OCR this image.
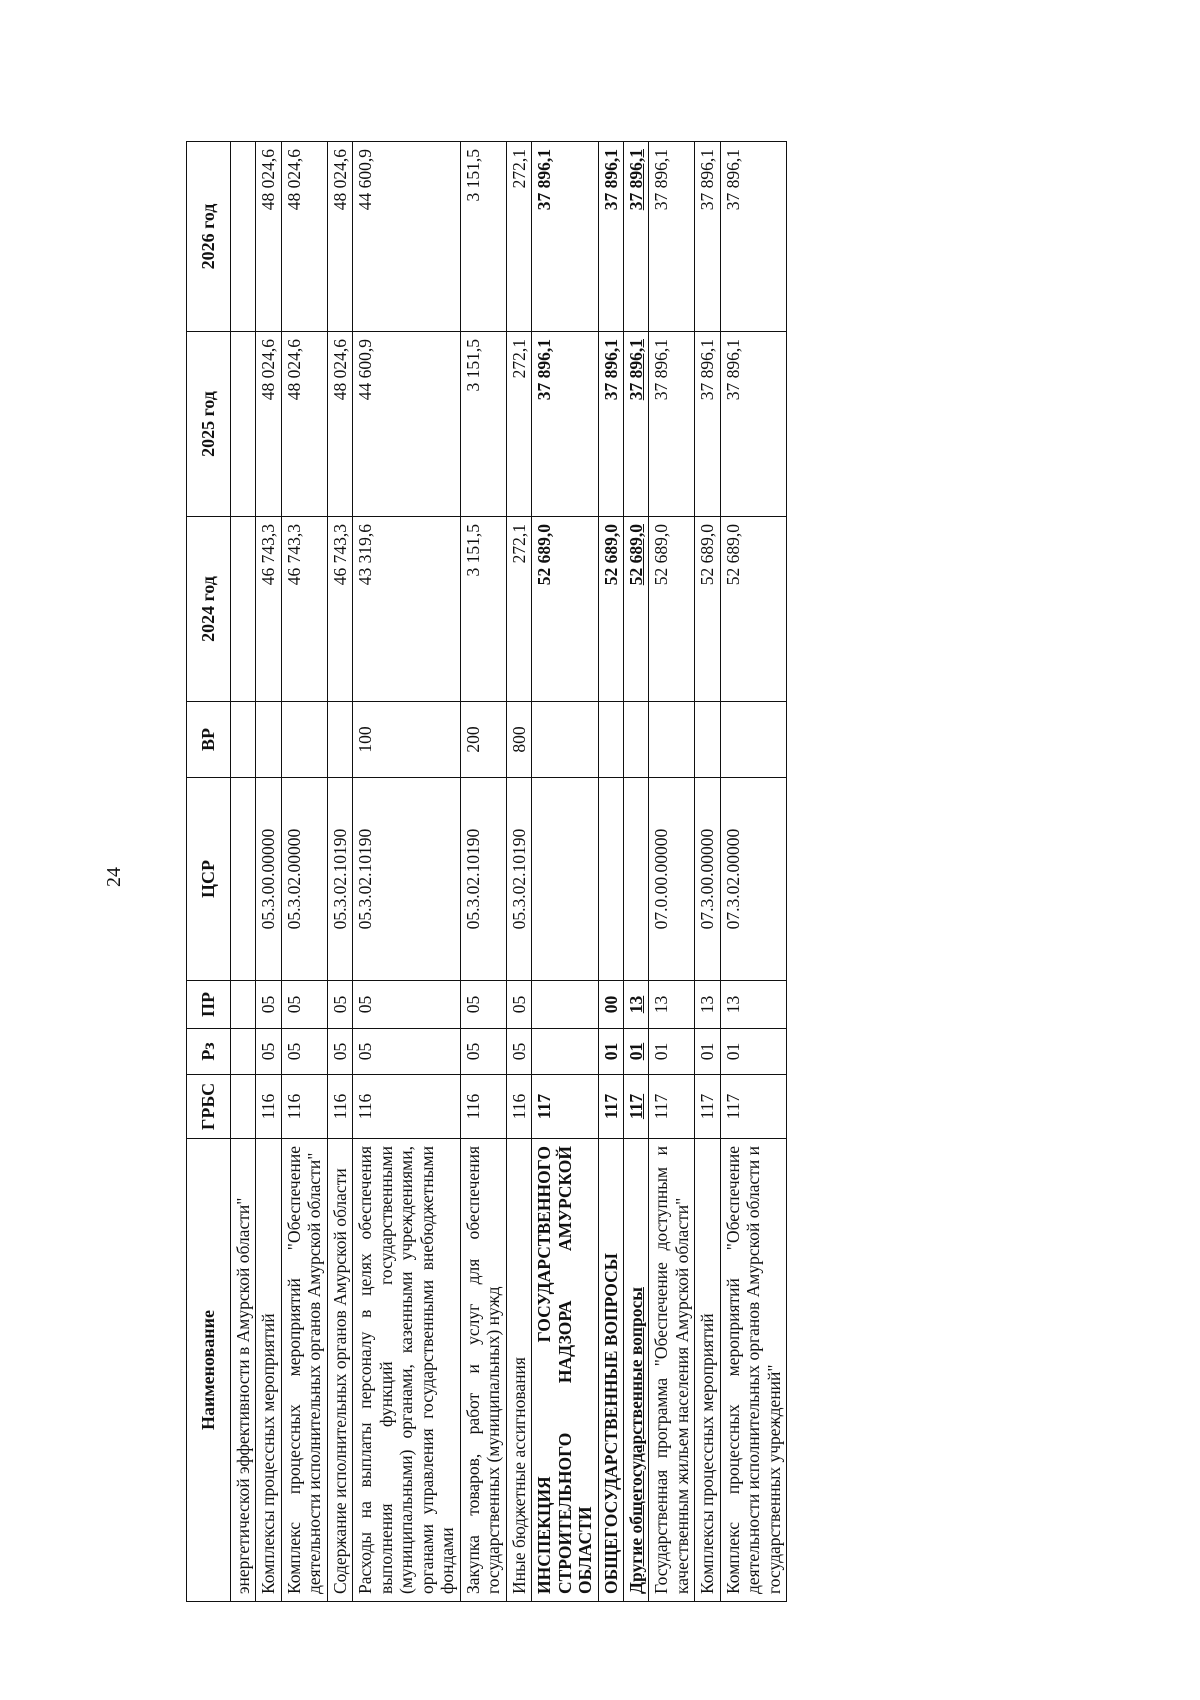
24
Наименование	ГРБС	Рз	ПР	ЦСР	ВР	2024 год	2025 год	2026 год
энергетической эффективности в Амурской области"								
Комплексы процессных мероприятий	116	05	05	05.3.00.00000		46 743,3	48 024,6	48 024,6
Комплекс процессных мероприятий "Обеспечение деятельности исполнительных органов Амурской области"	116	05	05	05.3.02.00000		46 743,3	48 024,6	48 024,6
Содержание исполнительных органов Амурской области	116	05	05	05.3.02.10190		46 743,3	48 024,6	48 024,6
Расходы на выплаты персоналу в целях обеспечения выполнения функций государственными (муниципальными) органами, казенными учреждениями, органами управления государственными внебюджетными фондами	116	05	05	05.3.02.10190	100	43 319,6	44 600,9	44 600,9
Закупка товаров, работ и услуг для обеспечения государственных (муниципальных) нужд	116	05	05	05.3.02.10190	200	3 151,5	3 151,5	3 151,5
Иные бюджетные ассигнования	116	05	05	05.3.02.10190	800	272,1	272,1	272,1
ИНСПЕКЦИЯ ГОСУДАРСТВЕННОГО СТРОИТЕЛЬНОГО НАДЗОРА АМУРСКОЙ ОБЛАСТИ	117					52 689,0	37 896,1	37 896,1
ОБЩЕГОСУДАРСТВЕННЫЕ ВОПРОСЫ	117	01	00			52 689,0	37 896,1	37 896,1
Другие общегосударственные вопросы	117	01	13			52 689,0	37 896,1	37 896,1
Государственная программа "Обеспечение доступным и качественным жильем населения Амурской области"	117	01	13	07.0.00.00000		52 689,0	37 896,1	37 896,1
Комплексы процессных мероприятий	117	01	13	07.3.00.00000		52 689,0	37 896,1	37 896,1
Комплекс процессных мероприятий "Обеспечение деятельности исполнительных органов Амурской области и государственных учреждений"	117	01	13	07.3.02.00000		52 689,0	37 896,1	37 896,1
